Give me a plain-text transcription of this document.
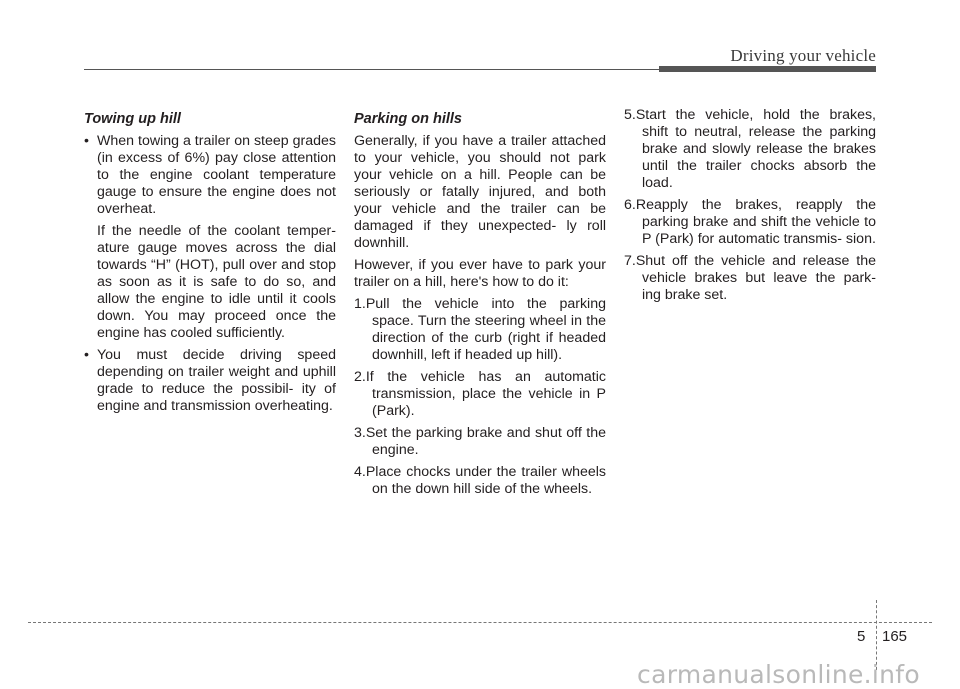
Driving your vehicle

Towing up hill

• When towing a trailer on steep grades (in excess of 6%) pay close attention to the engine coolant temperature gauge to ensure the engine does not overheat.

If the needle of the coolant temper- ature gauge moves across the dial towards “H” (HOT), pull over and stop as soon as it is safe to do so, and allow the engine to idle until it cools down. You may proceed once the engine has cooled sufficiently.

• You must decide driving speed depending on trailer weight and uphill grade to reduce the possibil- ity of engine and transmission overheating.

Parking on hills

Generally, if you have a trailer attached to your vehicle, you should not park your vehicle on a hill. People can be seriously or fatally injured, and both your vehicle and the trailer can be damaged if they unexpected- ly roll downhill.

However, if you ever have to park your trailer on a hill, here's how to do it:

1.Pull the vehicle into the parking space. Turn the steering wheel in the direction of the curb (right if headed downhill, left if headed up hill).

2.If the vehicle has an automatic transmission, place the vehicle in P (Park).

3.Set the parking brake and shut off the engine.

4.Place chocks under the trailer wheels on the down hill side of the wheels.

5.Start the vehicle, hold the brakes, shift to neutral, release the parking brake and slowly release the brakes until the trailer chocks absorb the load.

6.Reapply the brakes, reapply the parking brake and shift the vehicle to P (Park) for automatic transmis- sion.

7.Shut off the vehicle and release the vehicle brakes but leave the park- ing brake set.

5 165
carmanualsonline.info
